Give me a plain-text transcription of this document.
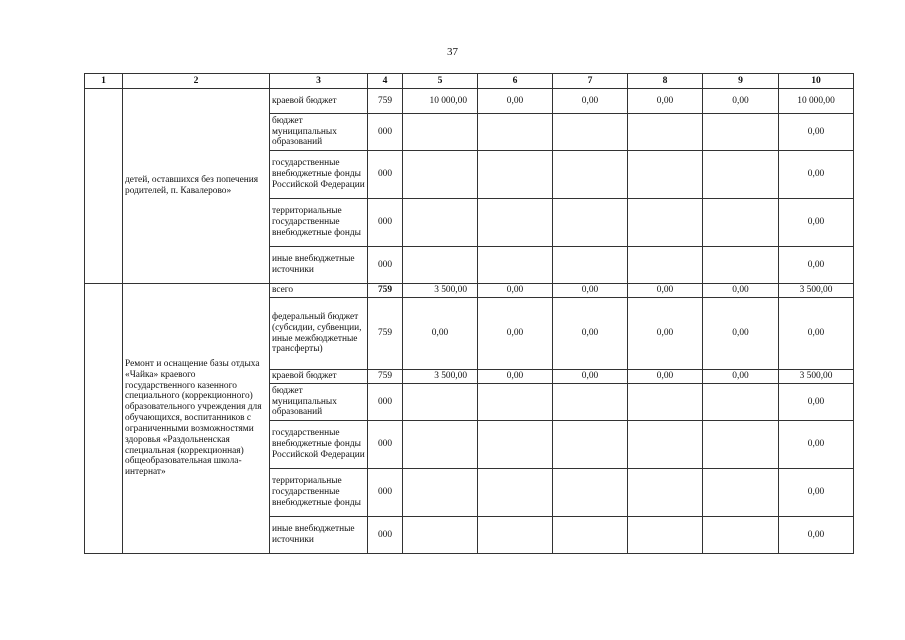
37
1	2	3	4	5	6	7	8	9	10
	детей, оставшихся без попечения родителей, п. Кавалерово»	краевой бюджет	759	10 000,00	0,00	0,00	0,00	0,00	10 000,00
		бюджет муниципальных образований	000						0,00
		государственные внебюджетные фонды Российской Федерации	000						0,00
		территориальные государственные внебюджетные фонды	000						0,00
		иные внебюджетные источники	000						0,00
	Ремонт и оснащение базы отдыха «Чайка» краевого государственного казенного специального (коррекционного) образовательного учреждения для обучающихся, воспитанников с ограниченными возможностями здоровья «Раздольненская специальная (коррекционная) общеобразовательная школа-интернат»	всего	759	3 500,00	0,00	0,00	0,00	0,00	3 500,00
		федеральный бюджет (субсидии, субвенции, иные межбюджетные трансферты)	759	0,00	0,00	0,00	0,00	0,00	0,00
		краевой бюджет	759	3 500,00	0,00	0,00	0,00	0,00	3 500,00
		бюджет муниципальных образований	000						0,00
		государственные внебюджетные фонды Российской Федерации	000						0,00
		территориальные государственные внебюджетные фонды	000						0,00
		иные внебюджетные источники	000						0,00
